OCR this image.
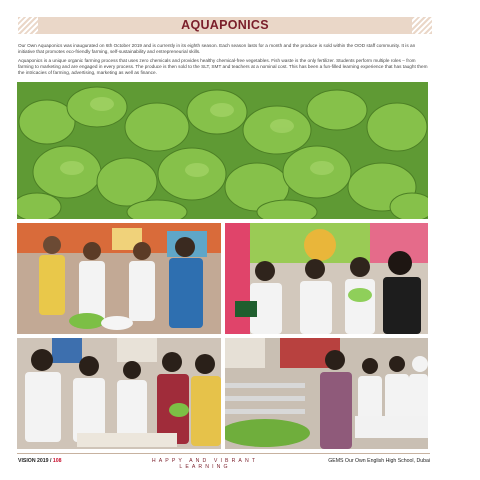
AQUAPONICS

Our Own Aquaponics was inaugurated on 6th October 2019 and is currently in its eighth season. Each season lasts for a month and the produce is sold within the OOD staff community. It is an initiative that promotes eco-friendly farming, self-sustainability and entrepreneurial skills.

Aquaponics is a unique organic farming process that uses zero chemicals and provides healthy chemical-free vegetables. Fish waste is the only fertilizer. Students perform multiple roles – from farming to marketing and are engaged in every process. The produce is then sold to the SLT, SMT and teachers at a nominal cost. This has been a fun-filled learning experience that has taught them the intricacies of farming, advertising, marketing as well as finance.

VISION 2019 / 108	HAPPY AND VIBRANT LEARNING
GEMS Our Own English High School, Dubai
